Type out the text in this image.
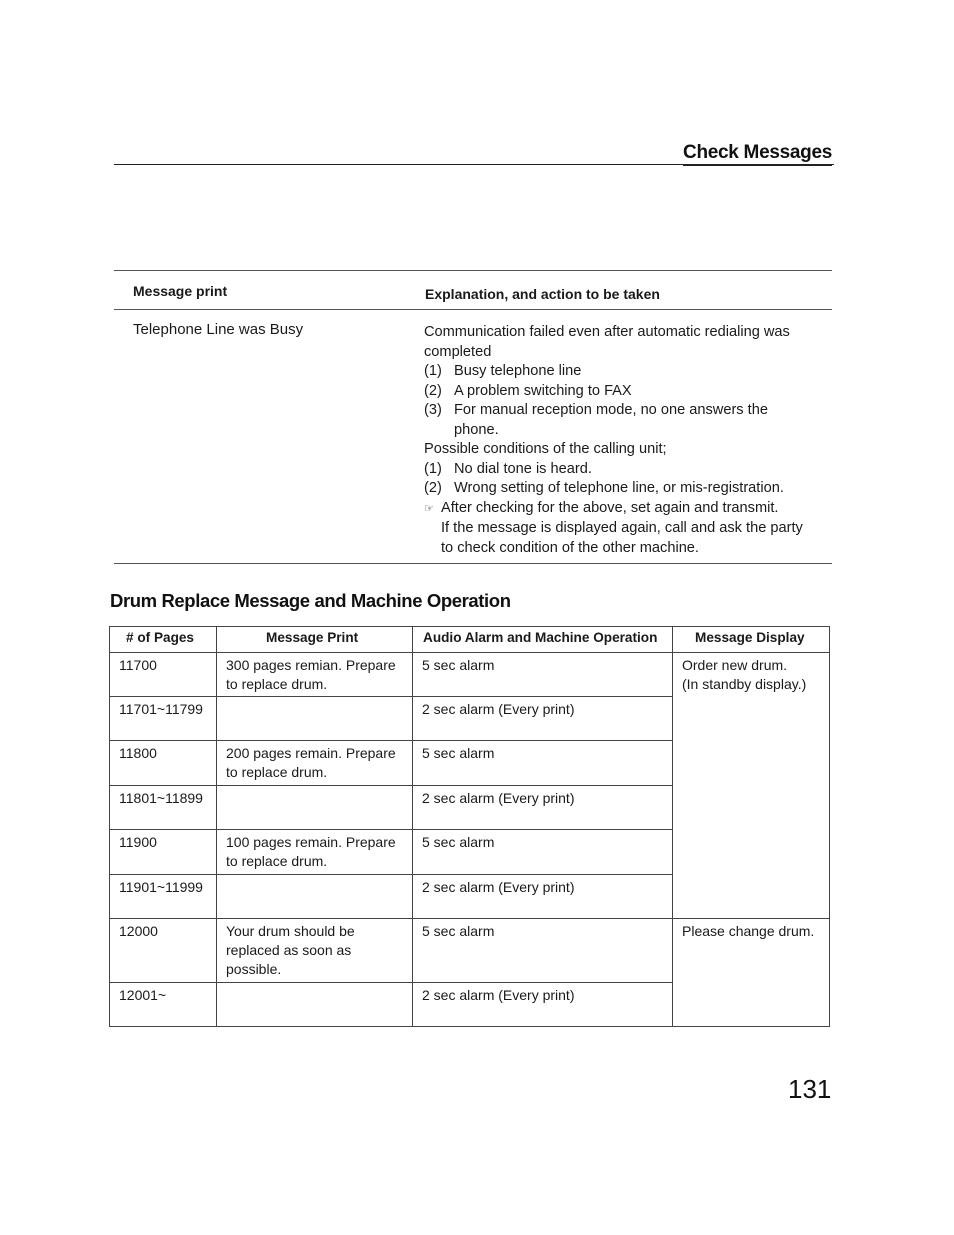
Check Messages
Message print	Explanation, and action to be taken
Telephone Line was Busy	Communication failed even after automatic redialing was
completed
(1) Busy telephone line
(2) A problem switching to FAX
(3) For manual reception mode, no one answers the
phone.
Possible conditions of the calling unit;
(1) No dial tone is heard.
(2) Wrong setting of telephone line, or mis-registration.
☞ After checking for the above, set again and transmit.
If the message is displayed again, call and ask the party
to check condition of the other machine.
Drum Replace Message and Machine Operation
# of Pages	Message Print	Audio Alarm and Machine Operation	Message Display
11700	300 pages remian. Prepare to replace drum.	5 sec alarm	Order new drum.
(In standby display.)
11701~11799		2 sec alarm (Every print)	
11800	200 pages remain. Prepare to replace drum.	5 sec alarm	
11801~11899		2 sec alarm (Every print)	
11900	100 pages remain. Prepare to replace drum.	5 sec alarm	
11901~11999		2 sec alarm (Every print)	
12000	Your drum should be replaced as soon as possible.	5 sec alarm	Please change drum.
12001~		2 sec alarm (Every print)	
131
